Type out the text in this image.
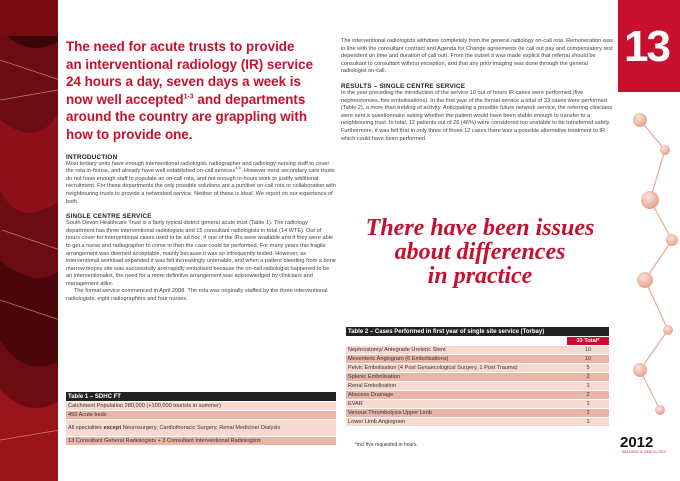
13
The need for acute trusts to provide
an interventional radiology (IR) service
24 hours a day, seven days a week is
now well accepted$^{1-3}$ and departments
around the country are grappling with
how to provide one.
INTRODUCTION

Most tertiary units have enough interventional radiologist, radiographer and radiology nursing staff to cover the rota in-house, and already have well established on-call services$^{4,5}$. However most secondary care trusts do not have enough staff to populate an on-call rota, and not enough in-hours work to justify additional recruitment. For these departments the only possible solutions are a punitive on-call rota or collaboration with neighbouring trusts to provide a networked service. Neither of these is ideal. We report on our experience of both.

SINGLE CENTRE SERVICE

South Devon Healthcare Trust is a fairly typical district general acute trust (Table 1). The radiology department has three interventional radiologists and 15 consultant radiologists in total (14 WTE). Out of hours cover for interventional cases used to be ad hoc; if one of the IRs were available and if they were able to get a nurse and radiographer to come in then the case could be performed. For many years this fragile arrangement was deemed acceptable, mainly because it was so infrequently tested. However, as interventional workload expanded it was felt increasingly untenable, and when a patient bleeding from a bone marrow biopsy site was successfully and rapidly embolised because the on-call radiologist happened to be an interventionalist, the need for a more definitive arrangement was acknowledged by clinicians and management alike.

The formal service commenced in April 2008. The rota was originally staffed by the three interventional radiologists, eight radiographers and four nurses.

Table 1 – SDHC FT
Catchment Population 280,000 (+100,000 tourists in summer)
450 Acute beds
All specialties except Neurosurgery, Cardiothoracic Surgery, Renal Medicine/ Dialysis
13 Consultant General Radiologists + 3 Consultant Interventional Radiologists

The interventional radiologists withdrew completely from the general radiology on-call rota. Remuneration was in line with the consultant contract and Agenda for Change agreements (ie call out pay and compensatory rest dependent on time and duration of call out). From the outset it was made explicit that referral should be consultant to consultant without exception, and that any prior imaging was done through the general radiologist on-call.

RESULTS – SINGLE CENTRE SERVICE

In the year preceding the introduction of the service 10 out of hours IR cases were performed (five nephrostomies, five embolisations). In the first year of the formal service a total of 33 cases were performed (Table 2), a more than trebling of activity. Anticipating a possible future network service, the referring clinicians were sent a questionnaire asking whether the patient would have been stable enough to transfer to a neighbouring trust. In total, 12 patients out of 26 (46%) were considered too unstable to be transferred safely. Furthermore, it was felt that in only three of those 12 cases there was a possible alternative treatment to IR which could have been performed.

There have been issues
about differences
in practice
Table 2 – Cases Performed in first year of single site service (Torbay)	
	33 Total*
Nephrostomy/ Antegrade Ureteric Stent	10
Mesenteric Angiogram (6 Embolisations)	10
Pelvic Embolisation (4 Post Gynaecological Surgery, 1 Post Trauma)	5
Splenic Embolisation	2
Renal Embolisation	1
Abscess Drainage	2
EVAR	1
Venous Thrombolysis Upper Limb	1
Lower Limb Angiogram	1
*incl five requested in hours.	2012
IMAGING & ONCOLOGY
